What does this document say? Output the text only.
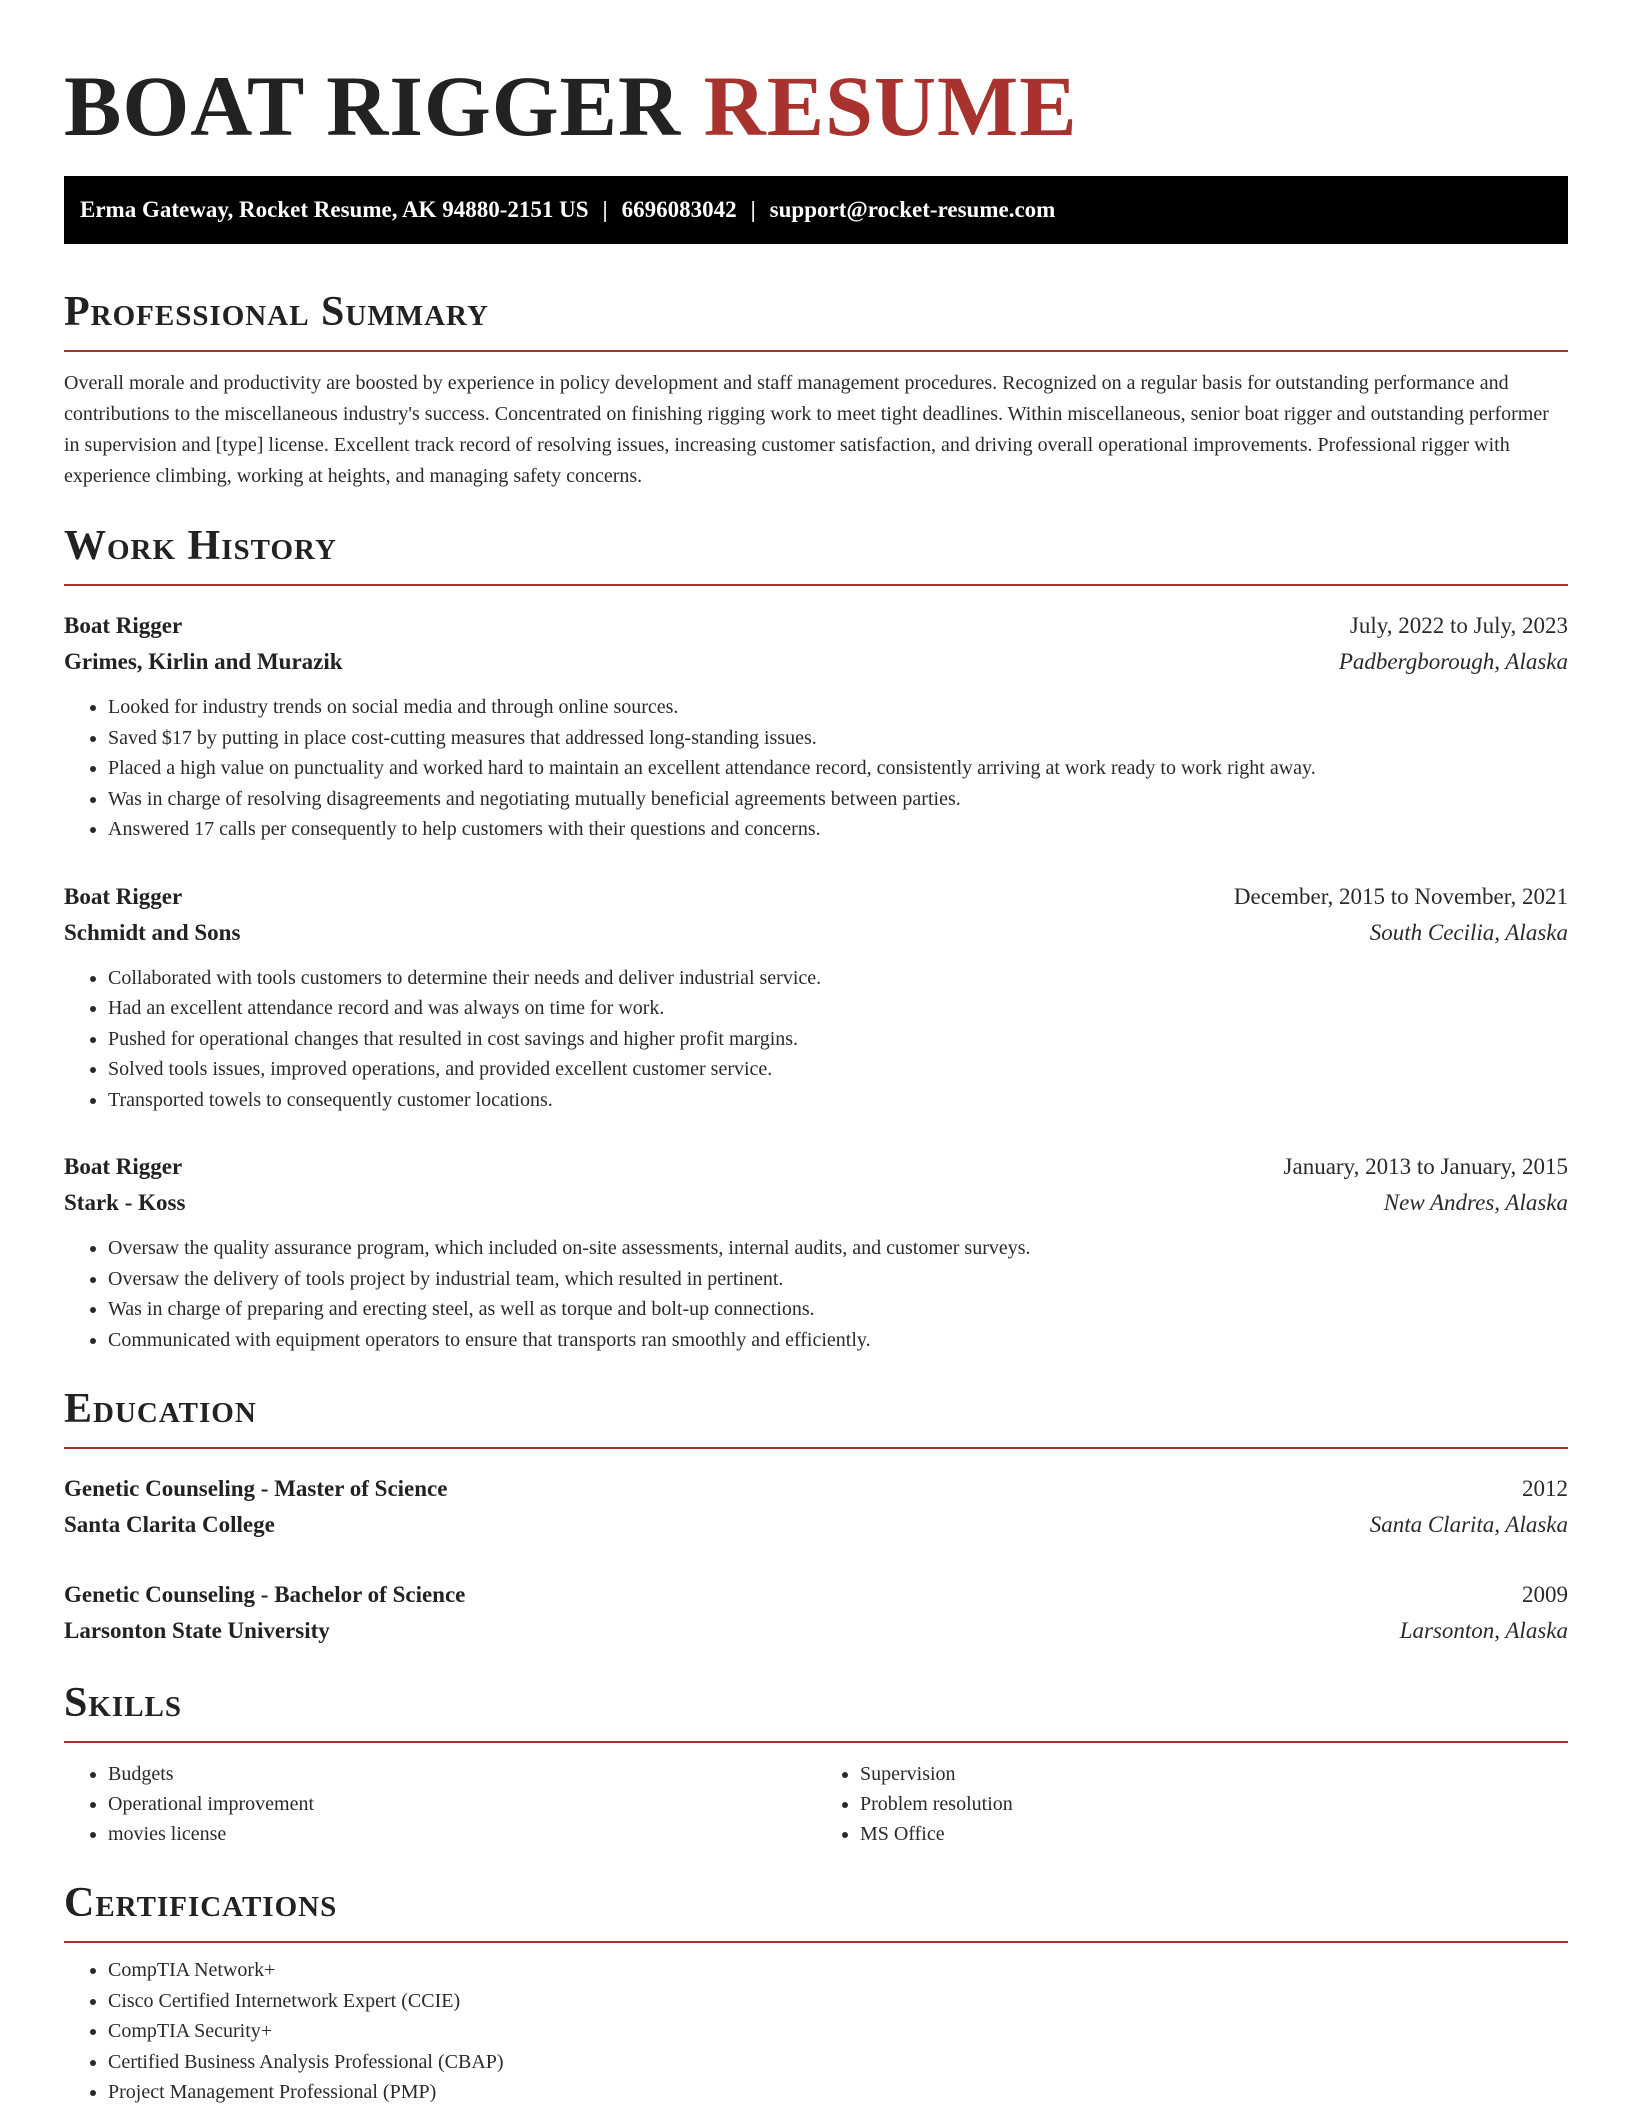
BOAT RIGGER RESUME
Erma Gateway, Rocket Resume, AK 94880-2151 US | 6696083042 | support@rocket-resume.com
Professional Summary

Overall morale and productivity are boosted by experience in policy development and staff management procedures. Recognized on a regular basis for outstanding performance and contributions to the miscellaneous industry's success. Concentrated on finishing rigging work to meet tight deadlines. Within miscellaneous, senior boat rigger and outstanding performer in supervision and [type] license. Excellent track record of resolving issues, increasing customer satisfaction, and driving overall operational improvements. Professional rigger with experience climbing, working at heights, and managing safety concerns.

Work History
Boat Rigger	July, 2022 to July, 2023
Grimes, Kirlin and Murazik	Padbergborough, Alaska
• Looked for industry trends on social media and through online sources.
• Saved $17 by putting in place cost-cutting measures that addressed long-standing issues.
• Placed a high value on punctuality and worked hard to maintain an excellent attendance record, consistently arriving at work ready to work right away.
• Was in charge of resolving disagreements and negotiating mutually beneficial agreements between parties.
• Answered 17 calls per consequently to help customers with their questions and concerns.
Boat Rigger	December, 2015 to November, 2021
Schmidt and Sons	South Cecilia, Alaska
• Collaborated with tools customers to determine their needs and deliver industrial service.
• Had an excellent attendance record and was always on time for work.
• Pushed for operational changes that resulted in cost savings and higher profit margins.
• Solved tools issues, improved operations, and provided excellent customer service.
• Transported towels to consequently customer locations.
Boat Rigger	January, 2013 to January, 2015
Stark - Koss	New Andres, Alaska
• Oversaw the quality assurance program, which included on-site assessments, internal audits, and customer surveys.
• Oversaw the delivery of tools project by industrial team, which resulted in pertinent.
• Was in charge of preparing and erecting steel, as well as torque and bolt-up connections.
• Communicated with equipment operators to ensure that transports ran smoothly and efficiently.
Education
Genetic Counseling - Master of Science	2012
Santa Clarita College	Santa Clarita, Alaska
Genetic Counseling - Bachelor of Science	2009
Larsonton State University	Larsonton, Alaska
Skills
• Budgets
• Operational improvement
• movies license
• Supervision
• Problem resolution
• MS Office
Certifications
• CompTIA Network+
• Cisco Certified Internetwork Expert (CCIE)
• CompTIA Security+
• Certified Business Analysis Professional (CBAP)
• Project Management Professional (PMP)
